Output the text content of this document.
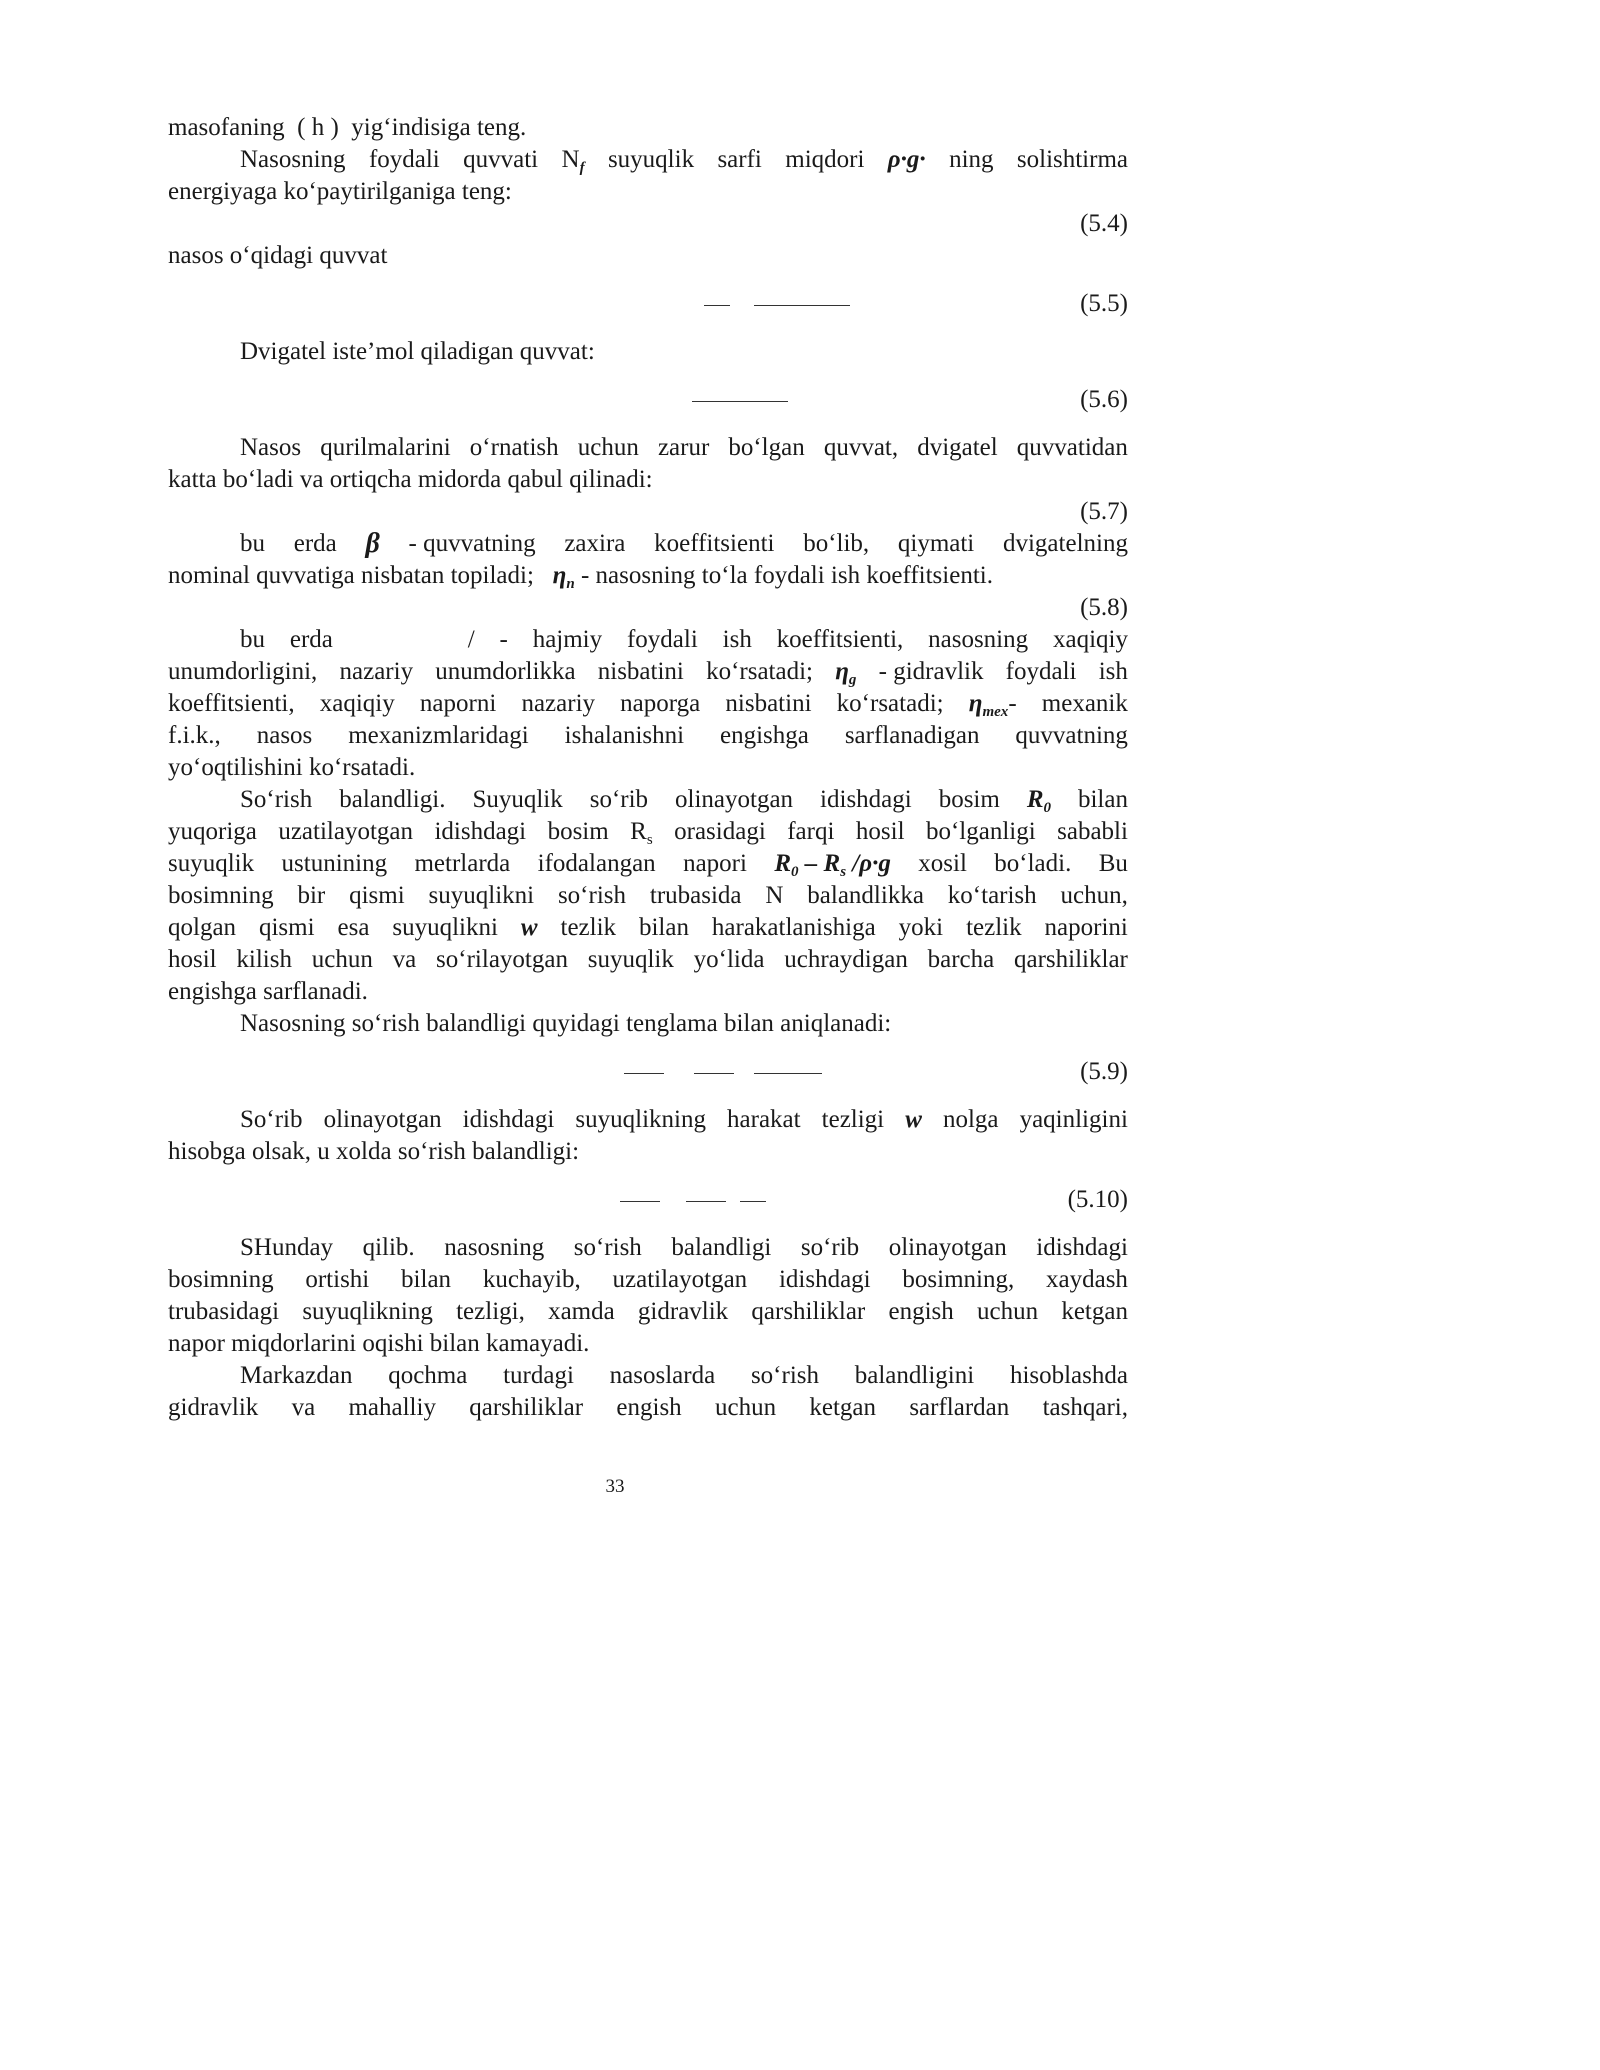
masofaning
( h )
yig‘indisiga teng.
Nasosning foydali quvvati $N_f$ suyuqlik sarfi miqdori ρ·g· ning solishtirma
energiyaga ko‘paytirilganiga teng:
(5.4)
nasos o‘qidagi quvvat
(5.5)
Dvigatel iste’mol qiladigan quvvat:
(5.6)
Nasos qurilmalarini o‘rnatish uchun zarur bo‘lgan quvvat, dvigatel quvvatidan
katta bo‘ladi va ortiqcha midorda qabul qilinadi:
(5.7)
bu erda β - quvvatning zaxira koeffitsienti bo‘lib, qiymati dvigatelning
nominal quvvatiga nisbatan topiladi;
$\eta_n$
- nasosning to‘la foydali ish koeffitsienti.
(5.8)
bu erda	/ - hajmiy foydali ish koeffitsienti, nasosning xaqiqiy
unumdorligini, nazariy unumdorlikka nisbatini ko‘rsatadi; $\eta_g$ - gidravlik foydali ish
koeffitsienti, xaqiqiy naporni nazariy naporga nisbatini ko‘rsatadi; $\eta_{mex}-$ mexanik
f.i.k., nasos mexanizmlaridagi ishalanishni engishga sarflanadigan quvvatning
yo‘oqtilishini ko‘rsatadi.
So‘rish balandligi. Suyuqlik so‘rib olinayotgan idishdagi bosim $R_0$ bilan
yuqoriga uzatilayotgan idishdagi bosim $R_s$ orasidagi farqi hosil bo‘lganligi sababli
suyuqlik ustunining metrlarda ifodalangan napori $R_0 - R_s$ /ρ·g xosil bo‘ladi. Bu
bosimning bir qismi suyuqlikni so‘rish trubasida N balandlikka ko‘tarish uchun,
qolgan qismi esa suyuqlikni w tezlik bilan harakatlanishiga yoki tezlik naporini
hosil kilish uchun va so‘rilayotgan suyuqlik yo‘lida uchraydigan barcha qarshiliklar
engishga sarflanadi.
Nasosning so‘rish balandligi quyidagi tenglama bilan aniqlanadi:
(5.9)
So‘rib olinayotgan idishdagi suyuqlikning harakat tezligi w nolga yaqinligini
hisobga olsak, u xolda so‘rish balandligi:
(5.10)
SHunday qilib. nasosning so‘rish balandligi so‘rib olinayotgan idishdagi
bosimning ortishi bilan kuchayib, uzatilayotgan idishdagi bosimning, xaydash
trubasidagi suyuqlikning tezligi, xamda gidravlik qarshiliklar engish uchun ketgan
napor miqdorlarini oqishi bilan kamayadi.
Markazdan qochma turdagi nasoslarda so‘rish balandligini hisoblashda
gidravlik va mahalliy qarshiliklar engish uchun ketgan sarflardan tashqari,
33
